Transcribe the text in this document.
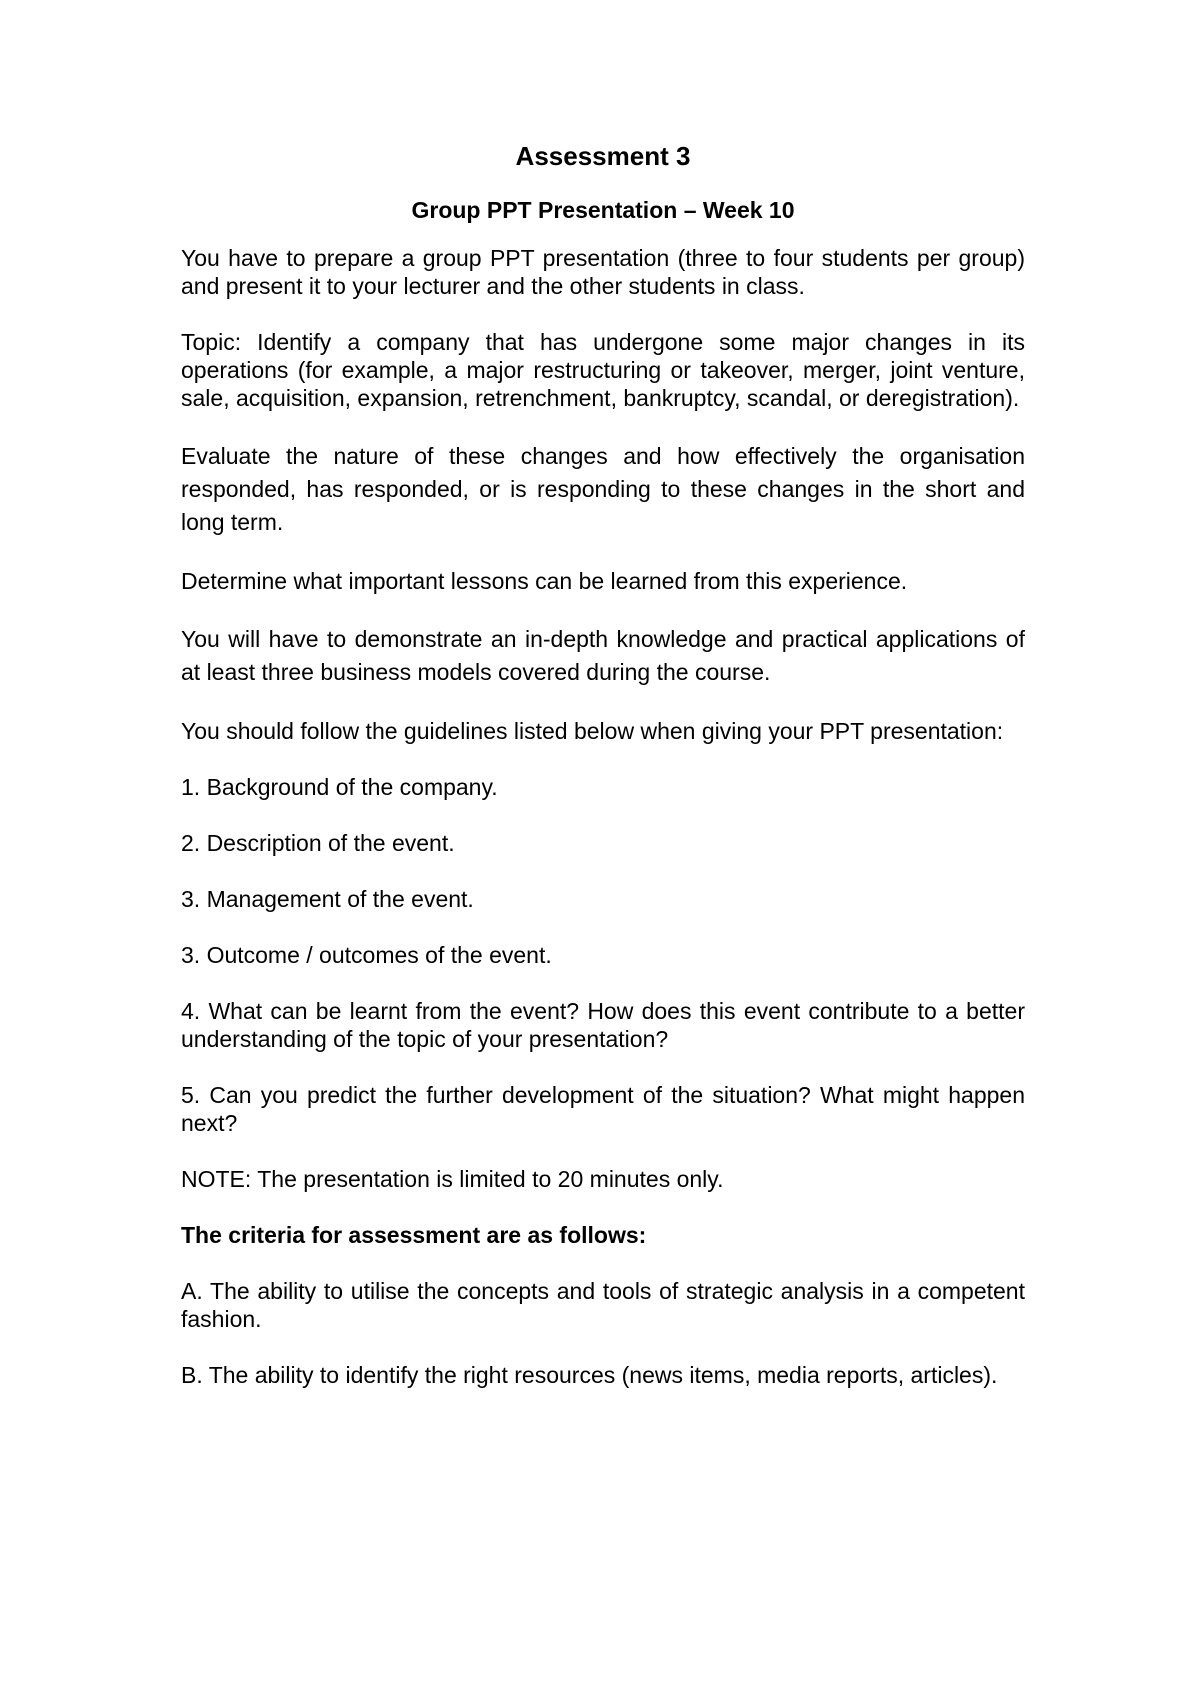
Assessment 3
Group PPT Presentation – Week 10

You have to prepare a group PPT presentation (three to four students per group) and present it to your lecturer and the other students in class.

Topic: Identify a company that has undergone some major changes in its operations (for example, a major restructuring or takeover, merger, joint venture, sale, acquisition, expansion, retrenchment, bankruptcy, scandal, or deregistration).

Evaluate the nature of these changes and how effectively the organisation responded, has responded, or is responding to these changes in the short and long term.

Determine what important lessons can be learned from this experience.

You will have to demonstrate an in-depth knowledge and practical applications of at least three business models covered during the course.

You should follow the guidelines listed below when giving your PPT presentation:

1. Background of the company.
2. Description of the event.
3. Management of the event.
3. Outcome / outcomes of the event.
4. What can be learnt from the event? How does this event contribute to a better understanding of the topic of your presentation?
5. Can you predict the further development of the situation? What might happen next?

NOTE: The presentation is limited to 20 minutes only.

The criteria for assessment are as follows:
A. The ability to utilise the concepts and tools of strategic analysis in a competent fashion.
B. The ability to identify the right resources (news items, media reports, articles).
